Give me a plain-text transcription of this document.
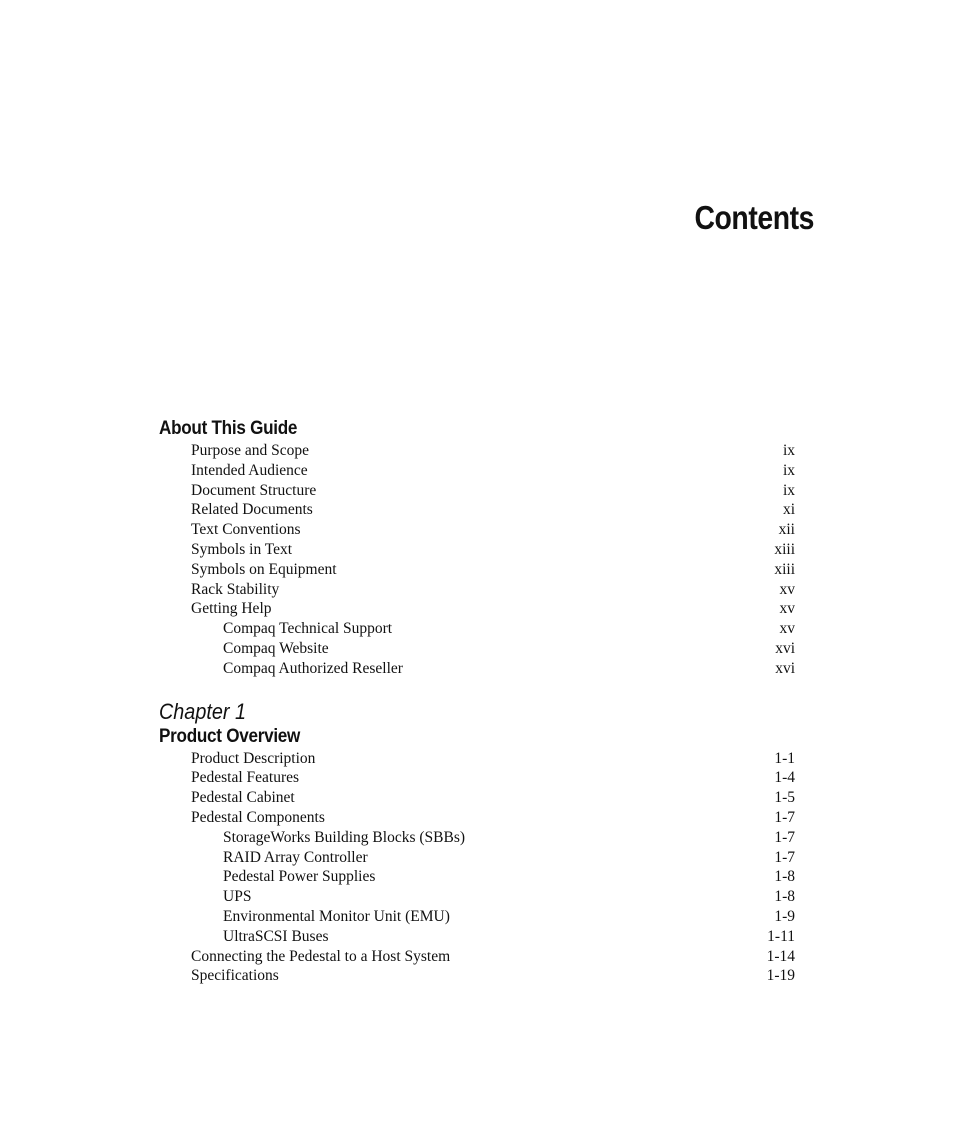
Contents
About This Guide
Purpose and Scope	ix
Intended Audience	ix
Document Structure	ix
Related Documents	xi
Text Conventions	xii
Symbols in Text	xiii
Symbols on Equipment	xiii
Rack Stability	xv
Getting Help	xv
Compaq Technical Support	xv
Compaq Website	xvi
Compaq Authorized Reseller	xvi
Chapter 1
Product Overview
Product Description	1-1
Pedestal Features	1-4
Pedestal Cabinet	1-5
Pedestal Components	1-7
StorageWorks Building Blocks (SBBs)	1-7
RAID Array Controller	1-7
Pedestal Power Supplies	1-8
UPS	1-8
Environmental Monitor Unit (EMU)	1-9
UltraSCSI Buses	1-11
Connecting the Pedestal to a Host System	1-14
Specifications	1-19
